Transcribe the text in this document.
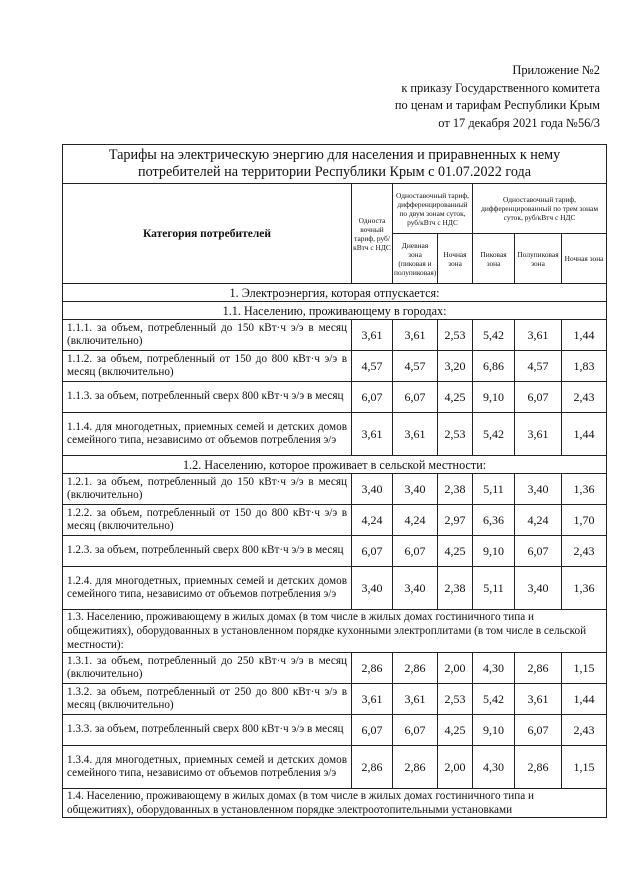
Приложение №2
к приказу Государственного комитета
по ценам и тарифам Республики Крым
от 17 декабря 2021 года №56/3
Тарифы на электрическую энергию для населения и приравненных к нему потребителей на территории Республики Крым с 01.07.2022 года						
Категория потребителей	Односта вочный тариф, руб/кВтч с НДС	Одноставочный тариф, дифференцированный по двум зонам суток, руб/кВтч с НДС		Одноставочный тариф, дифференцированный по трем зонам суток, руб/кВтч с НДС		
		Дневная зона (пиковая и полупиковая)	Ночная зона	Пиковая зона	Полупиковая зона	Ночная зона
1. Электроэнергия, которая отпускается:						
1.1. Населению, проживающему в городах:						
1.1.1. за объем, потребленный до 150 кВт·ч э/э в месяц (включительно)	3,61	3,61	2,53	5,42	3,61	1,44
1.1.2. за объем, потребленный от 150 до 800 кВт·ч э/э в месяц (включительно)	4,57	4,57	3,20	6,86	4,57	1,83
1.1.3. за объем, потребленный сверх 800 кВт·ч э/э в месяц	6,07	6,07	4,25	9,10	6,07	2,43
1.1.4. для многодетных, приемных семей и детских домов семейного типа, независимо от объемов потребления э/э	3,61	3,61	2,53	5,42	3,61	1,44
1.2. Населению, которое проживает в сельской местности:						
1.2.1. за объем, потребленный до 150 кВт·ч э/э в месяц (включительно)	3,40	3,40	2,38	5,11	3,40	1,36
1.2.2. за объем, потребленный от 150 до 800 кВт·ч э/э в месяц (включительно)	4,24	4,24	2,97	6,36	4,24	1,70
1.2.3. за объем, потребленный сверх 800 кВт·ч э/э в месяц	6,07	6,07	4,25	9,10	6,07	2,43
1.2.4. для многодетных, приемных семей и детских домов семейного типа, независимо от объемов потребления э/э	3,40	3,40	2,38	5,11	3,40	1,36
1.3. Населению, проживающему в жилых домах (в том числе в жилых домах гостиничного типа и общежитиях), оборудованных в установленном порядке кухонными электроплитами (в том числе в сельской местности):						
1.3.1. за объем, потребленный до 250 кВт·ч э/э в месяц (включительно)	2,86	2,86	2,00	4,30	2,86	1,15
1.3.2. за объем, потребленный от 250 до 800 кВт·ч э/э в месяц (включительно)	3,61	3,61	2,53	5,42	3,61	1,44
1.3.3. за объем, потребленный сверх 800 кВт·ч э/э в месяц	6,07	6,07	4,25	9,10	6,07	2,43
1.3.4. для многодетных, приемных семей и детских домов семейного типа, независимо от объемов потребления э/э	2,86	2,86	2,00	4,30	2,86	1,15
1.4. Населению, проживающему в жилых домах (в том числе в жилых домах гостиничного типа и общежитиях), оборудованных в установленном порядке электроотопительными установками						
